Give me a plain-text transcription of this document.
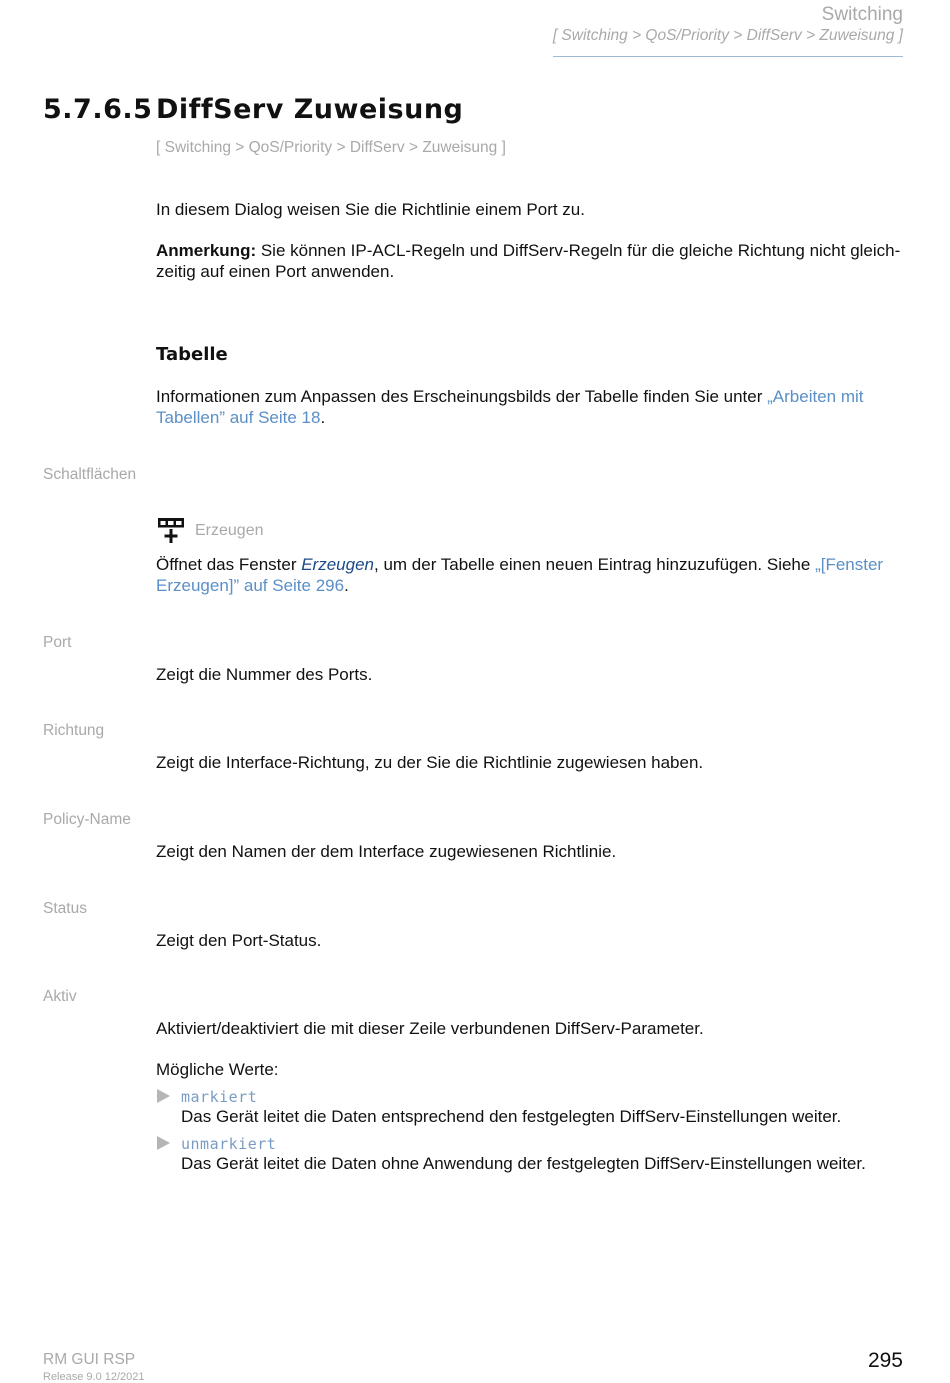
Switching
[ Switching > QoS/Priority > DiffServ > Zuweisung ]
5.7.6.5 DiffServ Zuweisung
[ Switching > QoS/Priority > DiffServ > Zuweisung ]
In diesem Dialog weisen Sie die Richtlinie einem Port zu.
Anmerkung: Sie können IP-ACL-Regeln und DiffServ-Regeln für die gleiche Richtung nicht gleich-
zeitig auf einen Port anwenden.
Tabelle
Informationen zum Anpassen des Erscheinungsbilds der Tabelle finden Sie unter „Arbeiten mit
Tabellen” auf Seite 18.
Schaltflächen
Erzeugen
Öffnet das Fenster Erzeugen, um der Tabelle einen neuen Eintrag hinzuzufügen. Siehe „[Fenster
Erzeugen]” auf Seite 296.
Port
Zeigt die Nummer des Ports.
Richtung
Zeigt die Interface-Richtung, zu der Sie die Richtlinie zugewiesen haben.
Policy-Name
Zeigt den Namen der dem Interface zugewiesenen Richtlinie.
Status
Zeigt den Port-Status.
Aktiv
Aktiviert/deaktiviert die mit dieser Zeile verbundenen DiffServ-Parameter.
Mögliche Werte:
markiert
Das Gerät leitet die Daten entsprechend den festgelegten DiffServ-Einstellungen weiter.
unmarkiert
Das Gerät leitet die Daten ohne Anwendung der festgelegten DiffServ-Einstellungen weiter.
RM GUI RSP
Release 9.0 12/2021
295
